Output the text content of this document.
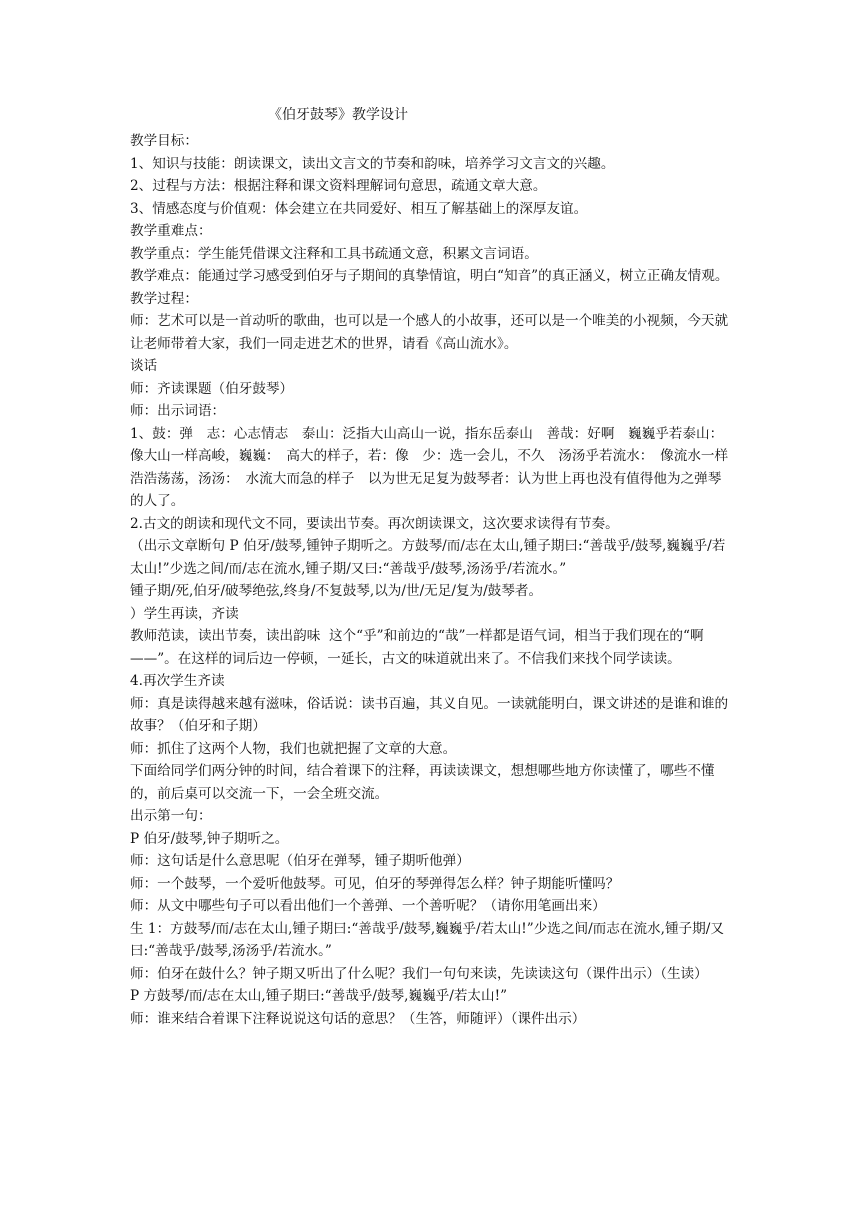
《伯牙鼓琴》教学设计

教学目标：

1、知识与技能：朗读课文，读出文言文的节奏和韵味，培养学习文言文的兴趣。

2、过程与方法：根据注释和课文资料理解词句意思，疏通文章大意。

3、情感态度与价值观：体会建立在共同爱好、相互了解基础上的深厚友谊。

教学重难点：

教学重点：学生能凭借课文注释和工具书疏通文意，积累文言词语。

教学难点：能通过学习感受到伯牙与子期间的真挚情谊，明白“知音”的真正涵义，树立正确友情观。

教学过程：

师：艺术可以是一首动听的歌曲，也可以是一个感人的小故事，还可以是一个唯美的小视频，今天就让老师带着大家，我们一同走进艺术的世界，请看《高山流水》。

谈话

师：齐读课题（伯牙鼓琴）

师：出示词语：

1、鼓：弹　志：心志情志　泰山：泛指大山高山一说，指东岳泰山　善哉：好啊　巍巍乎若泰山：像大山一样高峻，巍巍：　高大的样子，若：像　少：选一会儿，不久　汤汤乎若流水：　像流水一样浩浩荡荡，汤汤：　水流大而急的样子　以为世无足复为鼓琴者：认为世上再也没有值得他为之弹琴的人了。

2.古文的朗读和现代文不同，要读出节奏。再次朗读课文，这次要求读得有节奏。

（出示文章断句 P 伯牙/鼓琴,锺钟子期听之。方鼓琴/而/志在太山,锺子期曰:“善哉乎/鼓琴,巍巍乎/若太山!”少选之间/而/志在流水,锺子期/又曰:“善哉乎/鼓琴,汤汤乎/若流水。”

锺子期/死,伯牙/破琴绝弦,终身/不复鼓琴,以为/世/无足/复为/鼓琴者。

）学生再读，齐读

教师范读，读出节奏，读出韵味  这个“乎”和前边的“哉”一样都是语气词，相当于我们现在的“啊——”。在这样的词后边一停顿，一延长，古文的味道就出来了。不信我们来找个同学读读。

4.再次学生齐读

师：真是读得越来越有滋味，俗话说：读书百遍，其义自见。一读就能明白，课文讲述的是谁和谁的故事？（伯牙和子期）

师：抓住了这两个人物，我们也就把握了文章的大意。

下面给同学们两分钟的时间，结合着课下的注释，再读读课文，想想哪些地方你读懂了，哪些不懂的，前后桌可以交流一下，一会全班交流。

出示第一句：

P 伯牙/鼓琴,钟子期听之。

师：这句话是什么意思呢（伯牙在弹琴，锺子期听他弹）

师：一个鼓琴，一个爱听他鼓琴。可见，伯牙的琴弹得怎么样？钟子期能听懂吗？

师：从文中哪些句子可以看出他们一个善弹、一个善听呢？（请你用笔画出来）

生 1：方鼓琴/而/志在太山,锺子期曰:“善哉乎/鼓琴,巍巍乎/若太山!”少选之间/而志在流水,锺子期/又曰:“善哉乎/鼓琴,汤汤乎/若流水。”

师：伯牙在鼓什么？钟子期又听出了什么呢？我们一句句来读，先读读这句（课件出示）（生读）

P 方鼓琴/而/志在太山,锺子期曰:“善哉乎/鼓琴,巍巍乎/若太山!”

师：谁来结合着课下注释说说这句话的意思？（生答，师随评）（课件出示）
